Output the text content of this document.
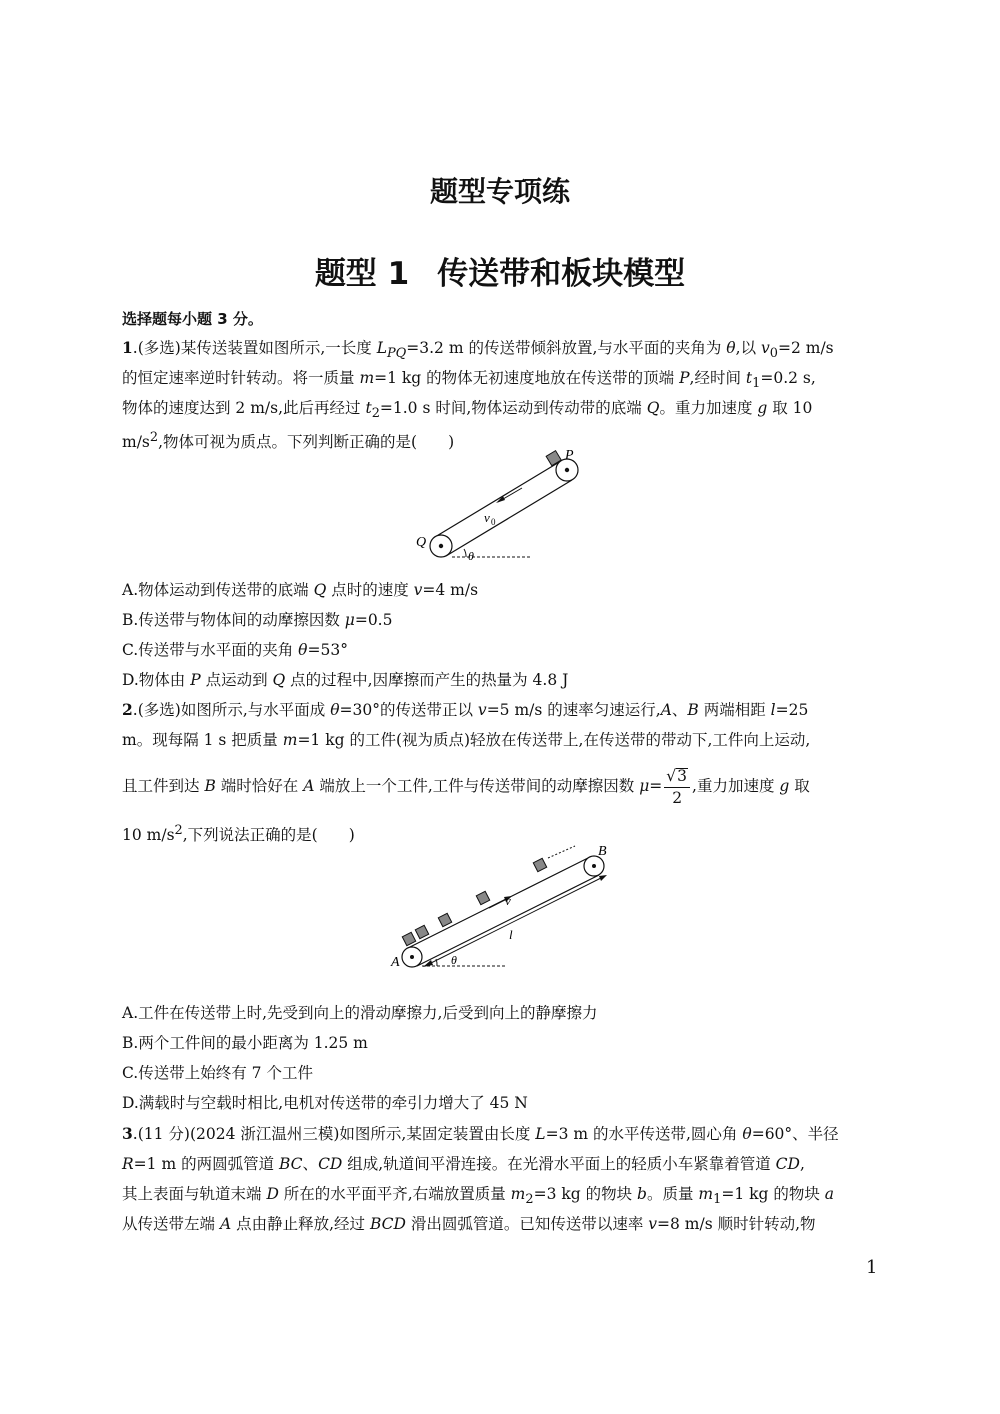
题型专项练
题型 1 传送带和板块模型
选择题每小题 3 分。
1.(多选)某传送装置如图所示,一长度 $L_{PQ}=3.2$ m 的传送带倾斜放置,与水平面的夹角为 θ,以 $v_0=2$ m/s
的恒定速率逆时针转动。将一质量 m=1 kg 的物体无初速度地放在传送带的顶端 P,经时间 $t_1=0.2$ s,
物体的速度达到 2 m/s,此后再经过 $t_2=1.0$ s 时间,物体运动到传动带的底端 Q。重力加速度 g 取 10
$m/s^2$,物体可视为质点。下列判断正确的是(　　)
P
Q
v 0
θ
A.物体运动到传送带的底端 Q 点时的速度 v=4 m/s
B.传送带与物体间的动摩擦因数 μ=0.5
C.传送带与水平面的夹角 θ=53°
D.物体由 P 点运动到 Q 点的过程中,因摩擦而产生的热量为 4.8 J
2.(多选)如图所示,与水平面成 θ=30°的传送带正以 v=5 m/s 的速率匀速运行,A、B 两端相距 l=25
m。现每隔 1 s 把质量 m=1 kg 的工件(视为质点)轻放在传送带上,在传送带的带动下,工件向上运动,
且工件到达 B 端时恰好在 A 端放上一个工件,工件与传送带间的动摩擦因数 $\mu= \frac{√3}{2}$ ,重力加速度 g 取
10 $m/s^2$,下列说法正确的是(　　)
A
B
v
l
θ
A.工件在传送带上时,先受到向上的滑动摩擦力,后受到向上的静摩擦力
B.两个工件间的最小距离为 1.25 m
C.传送带上始终有 7 个工件
D.满载时与空载时相比,电机对传送带的牵引力增大了 45 N
3.(11 分)(2024 浙江温州三模)如图所示,某固定装置由长度 L=3 m 的水平传送带,圆心角 θ=60°、半径
R=1 m 的两圆弧管道 BC、CD 组成,轨道间平滑连接。在光滑水平面上的轻质小车紧靠着管道 CD,
其上表面与轨道末端 D 所在的水平面平齐,右端放置质量 $m_2=3$ kg 的物块 b。质量 $m_1=1$ kg 的物块 a
从传送带左端 A 点由静止释放,经过 BCD 滑出圆弧管道。已知传送带以速率 v=8 m/s 顺时针转动,物
1
